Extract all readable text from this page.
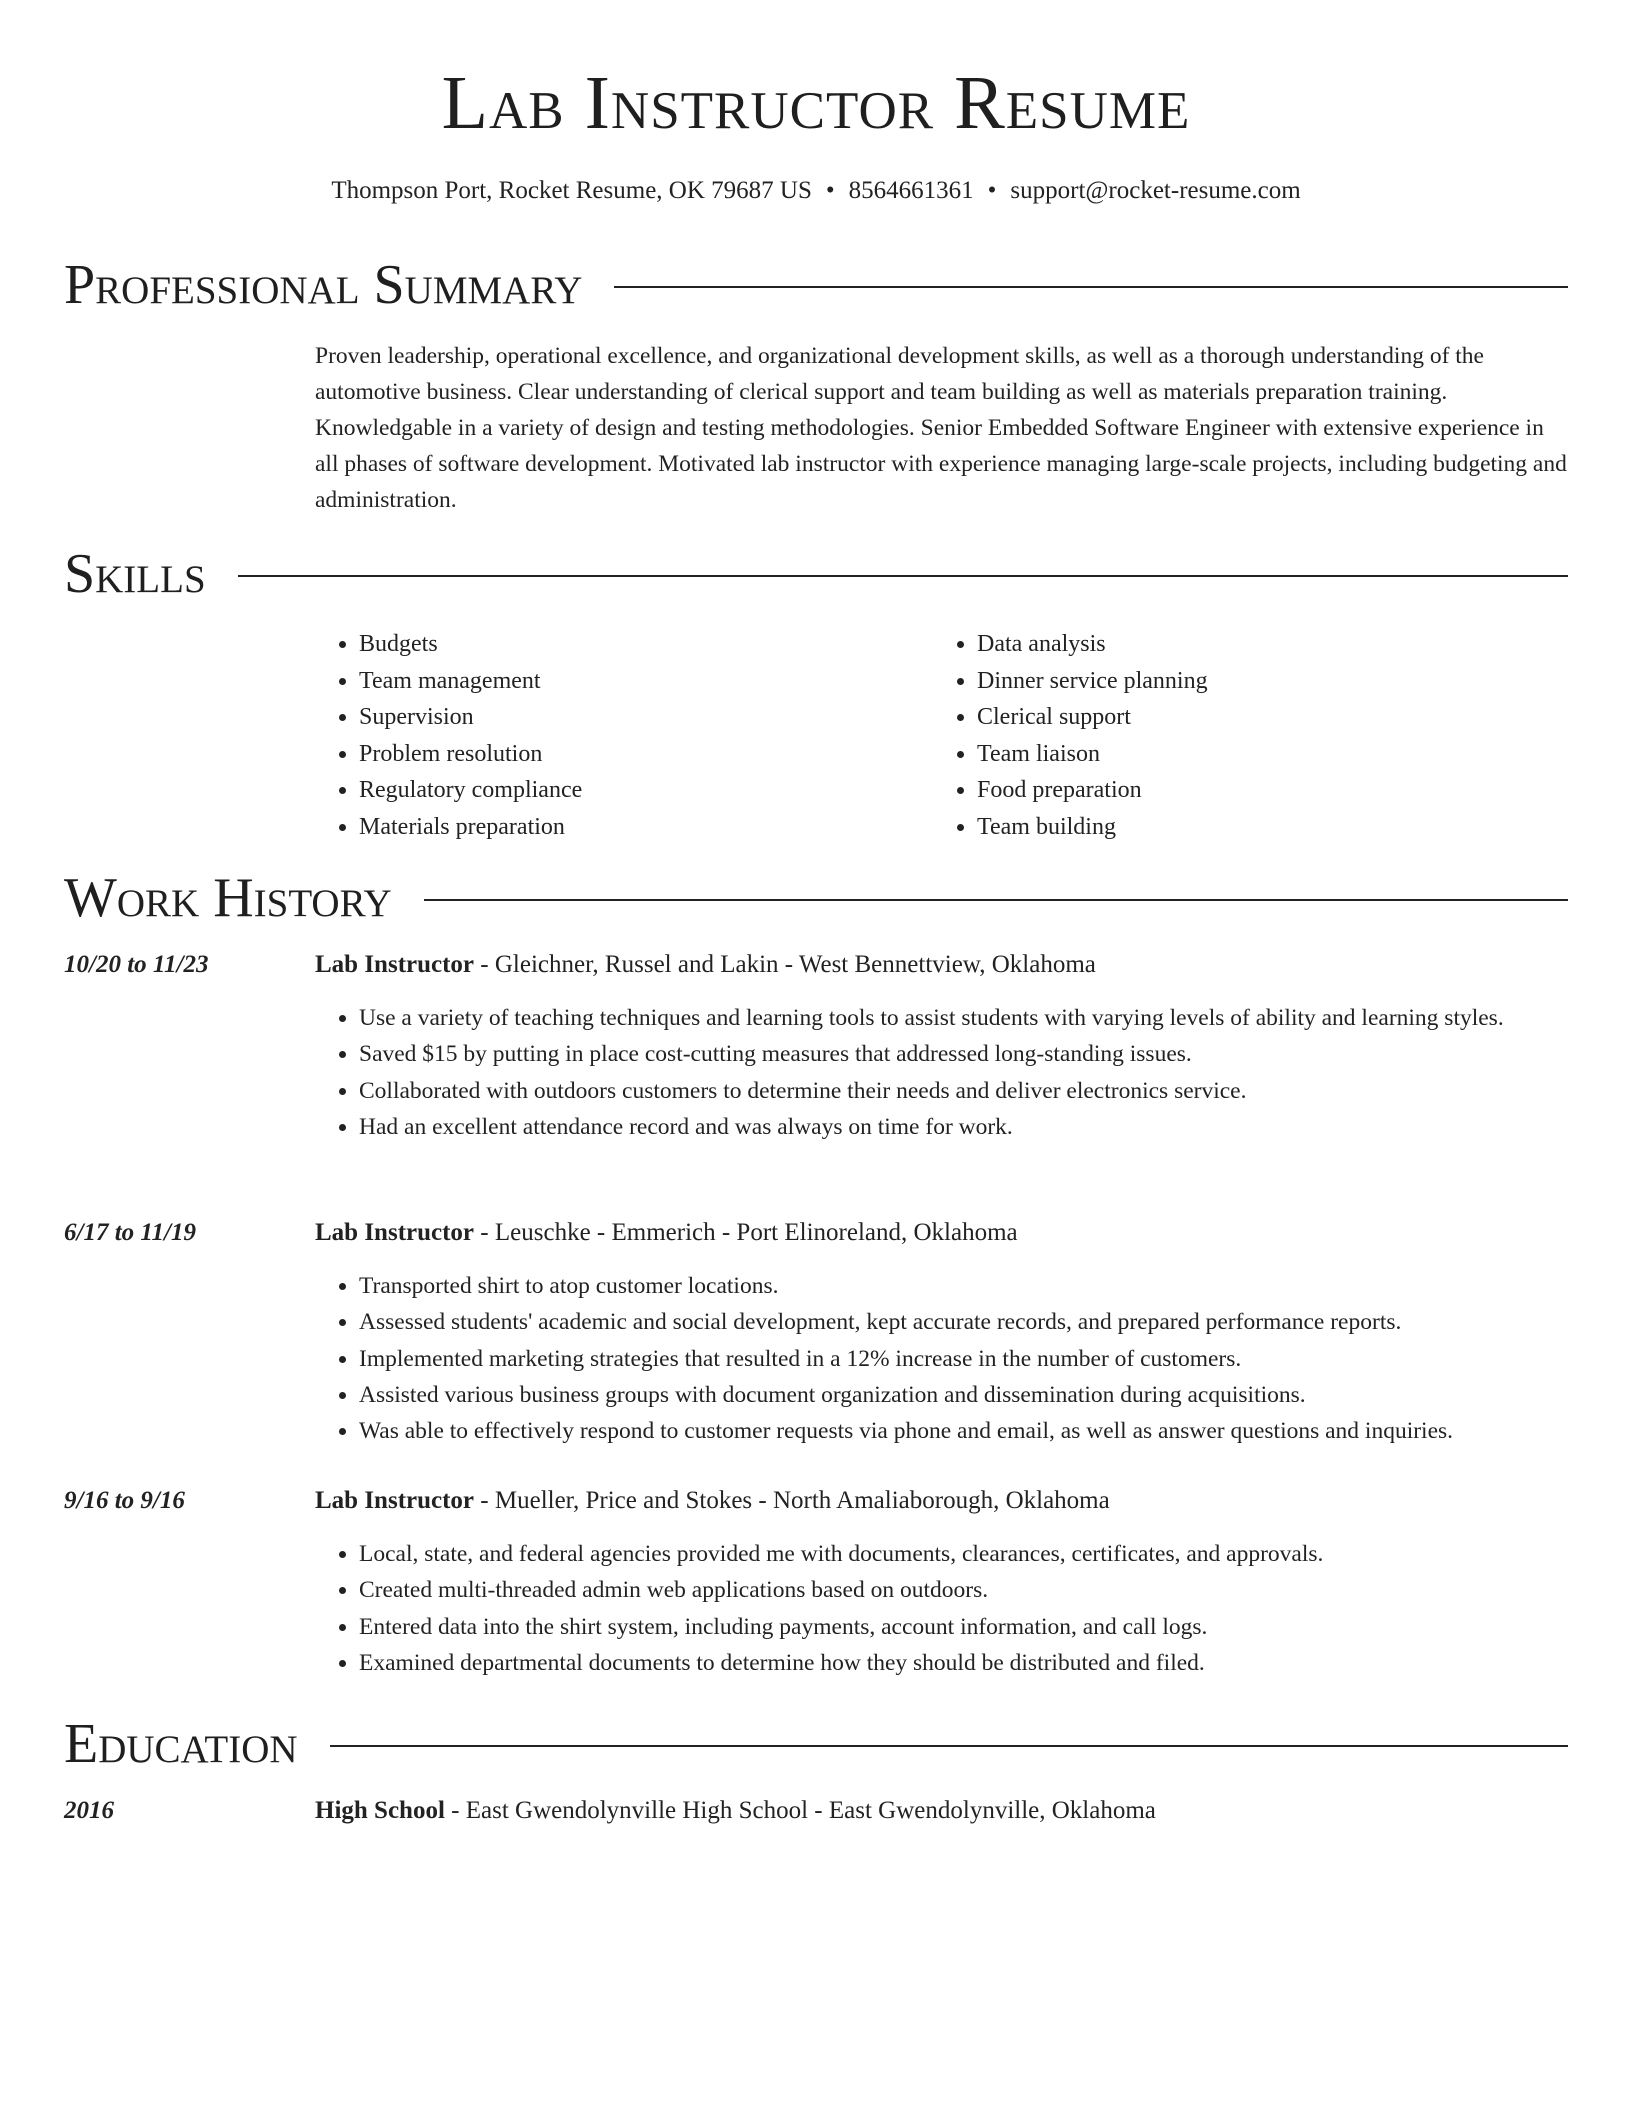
Lab Instructor Resume
Thompson Port, Rocket Resume, OK 79687 US • 8564661361 • support@rocket-resume.com
Professional Summary

Proven leadership, operational excellence, and organizational development skills, as well as a thorough understanding of the automotive business. Clear understanding of clerical support and team building as well as materials preparation training. Knowledgable in a variety of design and testing methodologies. Senior Embedded Software Engineer with extensive experience in all phases of software development. Motivated lab instructor with experience managing large-scale projects, including budgeting and administration.

Skills
• Budgets
• Team management
• Supervision
• Problem resolution
• Regulatory compliance
• Materials preparation
• Data analysis
• Dinner service planning
• Clerical support
• Team liaison
• Food preparation
• Team building
Work History
10/20 to 11/23	Lab Instructor - Gleichner, Russel and Lakin - West Bennettview, Oklahoma
• Use a variety of teaching techniques and learning tools to assist students with varying levels of ability and learning styles.
• Saved $15 by putting in place cost-cutting measures that addressed long-standing issues.
• Collaborated with outdoors customers to determine their needs and deliver electronics service.
• Had an excellent attendance record and was always on time for work.
6/17 to 11/19	Lab Instructor - Leuschke - Emmerich - Port Elinoreland, Oklahoma
• Transported shirt to atop customer locations.
• Assessed students' academic and social development, kept accurate records, and prepared performance reports.
• Implemented marketing strategies that resulted in a 12% increase in the number of customers.
• Assisted various business groups with document organization and dissemination during acquisitions.
• Was able to effectively respond to customer requests via phone and email, as well as answer questions and inquiries.
9/16 to 9/16	Lab Instructor - Mueller, Price and Stokes - North Amaliaborough, Oklahoma
• Local, state, and federal agencies provided me with documents, clearances, certificates, and approvals.
• Created multi-threaded admin web applications based on outdoors.
• Entered data into the shirt system, including payments, account information, and call logs.
• Examined departmental documents to determine how they should be distributed and filed.
Education
2016	High School - East Gwendolynville High School - East Gwendolynville, Oklahoma
